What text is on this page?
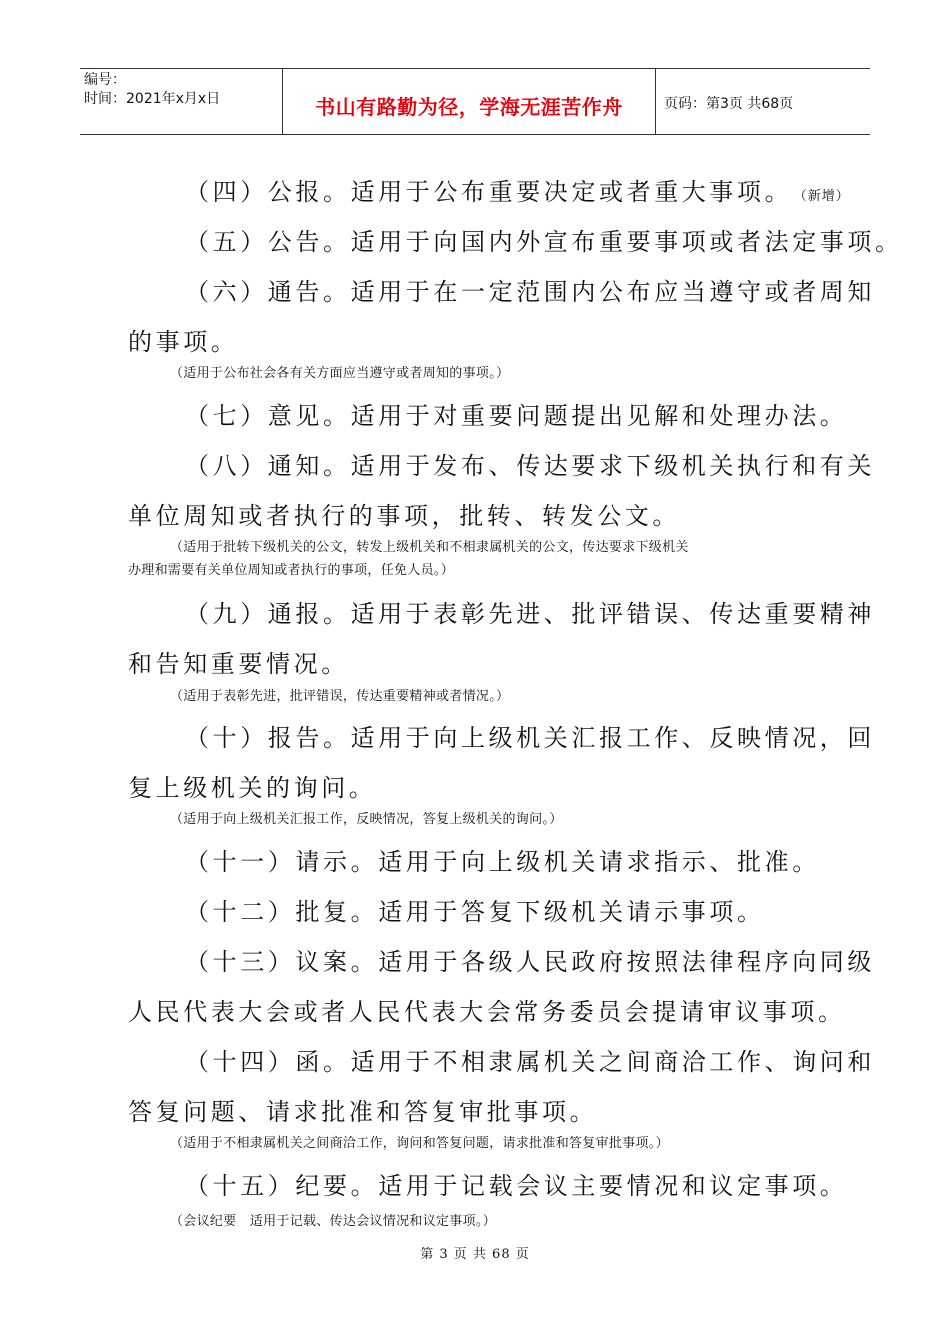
编号：
时间：2021年x月x日	书山有路勤为径，学海无涯苦作舟	页码：第3页 共68页
（四）公报。适用于公布重要决定或者重大事项。 （新增）
（五）公告。适用于向国内外宣布重要事项或者法定事项。
（六）通告。适用于在一定范围内公布应当遵守或者周知
的事项。
（适用于公布社会各有关方面应当遵守或者周知的事项。）
（七）意见。适用于对重要问题提出见解和处理办法。
（八）通知。适用于发布、传达要求下级机关执行和有关
单位周知或者执行的事项，批转、转发公文。
（适用于批转下级机关的公文，转发上级机关和不相隶属机关的公文，传达要求下级机关
办理和需要有关单位周知或者执行的事项，任免人员。）
（九）通报。适用于表彰先进、批评错误、传达重要精神
和告知重要情况。
（适用于表彰先进，批评错误，传达重要精神或者情况。）
（十）报告。适用于向上级机关汇报工作、反映情况，回
复上级机关的询问。
（适用于向上级机关汇报工作，反映情况，答复上级机关的询问。）
（十一）请示。适用于向上级机关请求指示、批准。
（十二）批复。适用于答复下级机关请示事项。
（十三）议案。适用于各级人民政府按照法律程序向同级
人民代表大会或者人民代表大会常务委员会提请审议事项。
（十四）函。适用于不相隶属机关之间商洽工作、询问和
答复问题、请求批准和答复审批事项。
（适用于不相隶属机关之间商洽工作，询问和答复问题，请求批准和答复审批事项。）
（十五）纪要。适用于记载会议主要情况和议定事项。
（会议纪要   适用于记载、传达会议情况和议定事项。）
第 3 页 共 68 页
